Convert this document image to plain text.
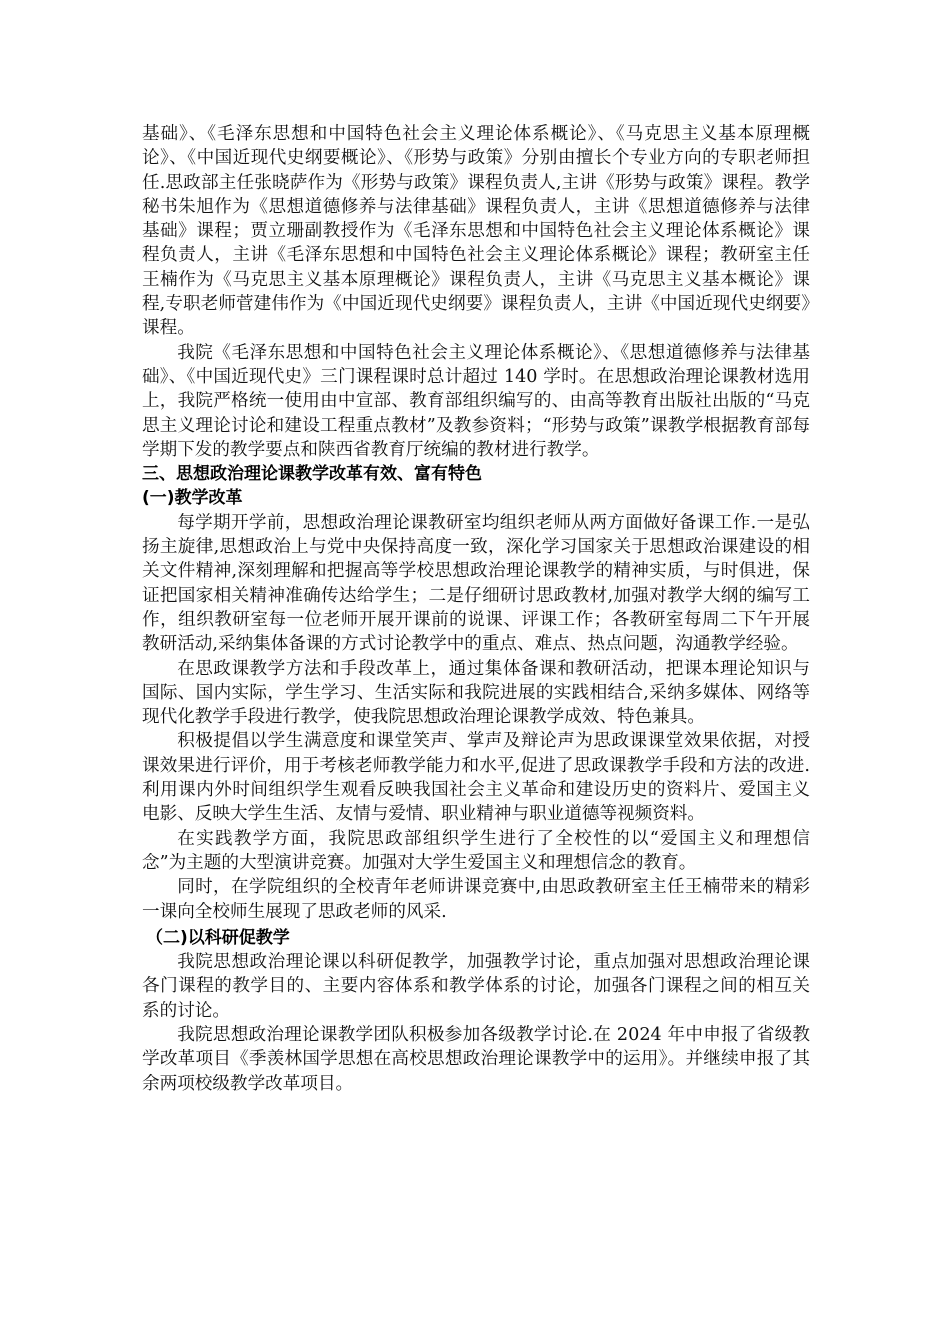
基础》、《毛泽东思想和中国特色社会主义理论体系概论》、《马克思主义基本原理概论》、《中国近现代史纲要概论》、《形势与政策》分别由擅长个专业方向的专职老师担任.思政部主任张晓萨作为《形势与政策》课程负责人,主讲《形势与政策》课程。教学秘书朱旭作为《思想道德修养与法律基础》课程负责人，主讲《思想道德修养与法律基础》课程；贾立珊副教授作为《毛泽东思想和中国特色社会主义理论体系概论》课程负责人，主讲《毛泽东思想和中国特色社会主义理论体系概论》课程；教研室主任王楠作为《马克思主义基本原理概论》课程负责人，主讲《马克思主义基本概论》课程,专职老师菅建伟作为《中国近现代史纲要》课程负责人，主讲《中国近现代史纲要》课程。

我院《毛泽东思想和中国特色社会主义理论体系概论》、《思想道德修养与法律基础》、《中国近现代史》三门课程课时总计超过 140 学时。在思想政治理论课教材选用上，我院严格统一使用由中宣部、教育部组织编写的、由高等教育出版社出版的“马克思主义理论讨论和建设工程重点教材”及教参资料；“形势与政策”课教学根据教育部每学期下发的教学要点和陕西省教育厅统编的教材进行教学。

三、思想政治理论课教学改革有效、富有特色
(一)教学改革

每学期开学前，思想政治理论课教研室均组织老师从两方面做好备课工作.一是弘扬主旋律,思想政治上与党中央保持高度一致，深化学习国家关于思想政治课建设的相关文件精神,深刻理解和把握高等学校思想政治理论课教学的精神实质，与时俱进，保证把国家相关精神准确传达给学生；二是仔细研讨思政教材,加强对教学大纲的编写工作，组织教研室每一位老师开展开课前的说课、评课工作；各教研室每周二下午开展教研活动,采纳集体备课的方式讨论教学中的重点、难点、热点问题，沟通教学经验。

在思政课教学方法和手段改革上，通过集体备课和教研活动，把课本理论知识与国际、国内实际，学生学习、生活实际和我院进展的实践相结合,采纳多媒体、网络等现代化教学手段进行教学，使我院思想政治理论课教学成效、特色兼具。

积极提倡以学生满意度和课堂笑声、掌声及辩论声为思政课课堂效果依据，对授课效果进行评价，用于考核老师教学能力和水平,促进了思政课教学手段和方法的改进.利用课内外时间组织学生观看反映我国社会主义革命和建设历史的资料片、爱国主义电影、反映大学生生活、友情与爱情、职业精神与职业道德等视频资料。

在实践教学方面，我院思政部组织学生进行了全校性的以“爱国主义和理想信念”为主题的大型演讲竞赛。加强对大学生爱国主义和理想信念的教育。

同时，在学院组织的全校青年老师讲课竞赛中,由思政教研室主任王楠带来的精彩一课向全校师生展现了思政老师的风采.

（二)以科研促教学

我院思想政治理论课以科研促教学，加强教学讨论，重点加强对思想政治理论课各门课程的教学目的、主要内容体系和教学体系的讨论，加强各门课程之间的相互关系的讨论。

我院思想政治理论课教学团队积极参加各级教学讨论.在 2024 年中申报了省级教学改革项目《季羡林国学思想在高校思想政治理论课教学中的运用》。并继续申报了其余两项校级教学改革项目。
